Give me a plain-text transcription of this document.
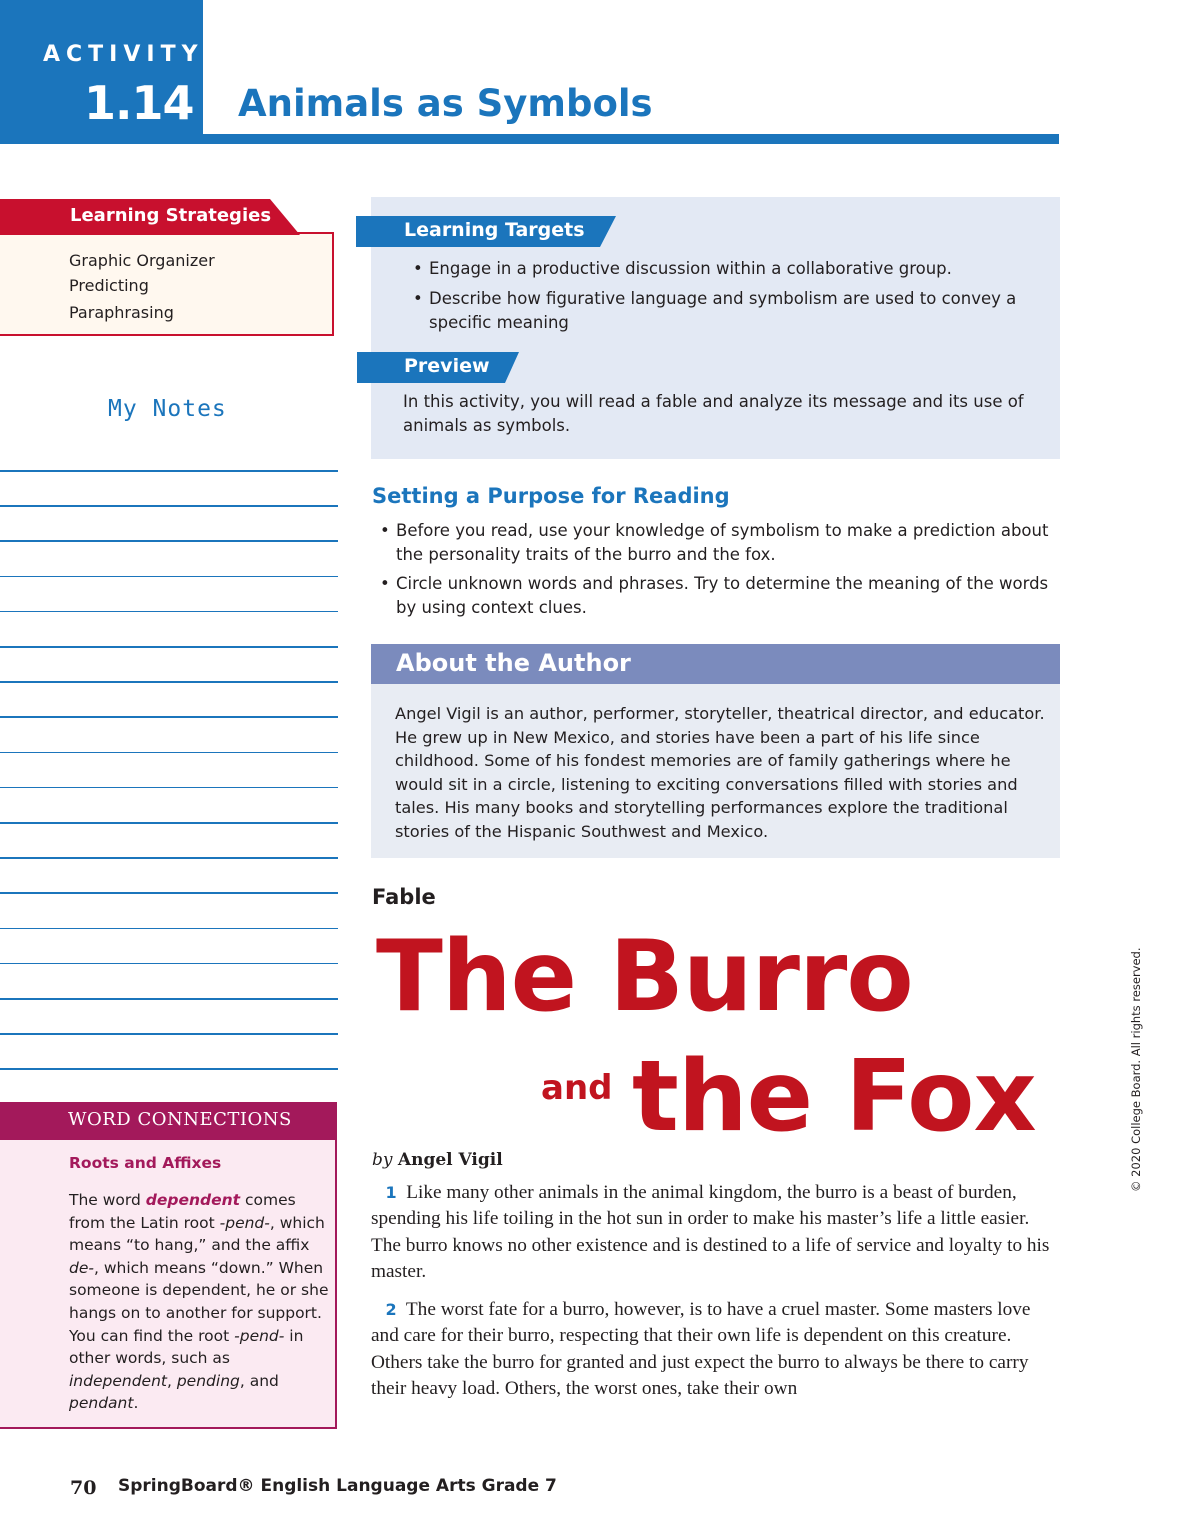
ACTIVITY
1.14 Animals as Symbols
Learning Strategies
Graphic Organizer
Predicting
Paraphrasing
My Notes
WORD CONNECTIONS
Roots and Affixes
The word dependent comes from the Latin root -pend-, which means “to hang,” and the affix de-, which means “down.” When someone is dependent, he or she hangs on to another for support. You can find the root -pend- in other words, such as independent, pending, and pendant.
Learning Targets
• Engage in a productive discussion within a collaborative group.
• Describe how figurative language and symbolism are used to convey a specific meaning
Preview
In this activity, you will read a fable and analyze its message and its use of animals as symbols.
Setting a Purpose for Reading
• Before you read, use your knowledge of symbolism to make a prediction about the personality traits of the burro and the fox.
• Circle unknown words and phrases. Try to determine the meaning of the words by using context clues.
About the Author
Angel Vigil is an author, performer, storyteller, theatrical director, and educator. He grew up in New Mexico, and stories have been a part of his life since childhood. Some of his fondest memories are of family gatherings where he would sit in a circle, listening to exciting conversations filled with stories and tales. His many books and storytelling performances explore the traditional stories of the Hispanic Southwest and Mexico.
Fable
The Burro
and the Fox
by Angel Vigil
1 Like many other animals in the animal kingdom, the burro is a beast of burden, spending his life toiling in the hot sun in order to make his master’s life a little easier. The burro knows no other existence and is destined to a life of service and loyalty to his master.
2 The worst fate for a burro, however, is to have a cruel master. Some masters love and care for their burro, respecting that their own life is dependent on this creature. Others take the burro for granted and just expect the burro to always be there to carry their heavy load. Others, the worst ones, take their own
© 2020 College Board. All rights reserved.
70 SpringBoard® English Language Arts Grade 7
